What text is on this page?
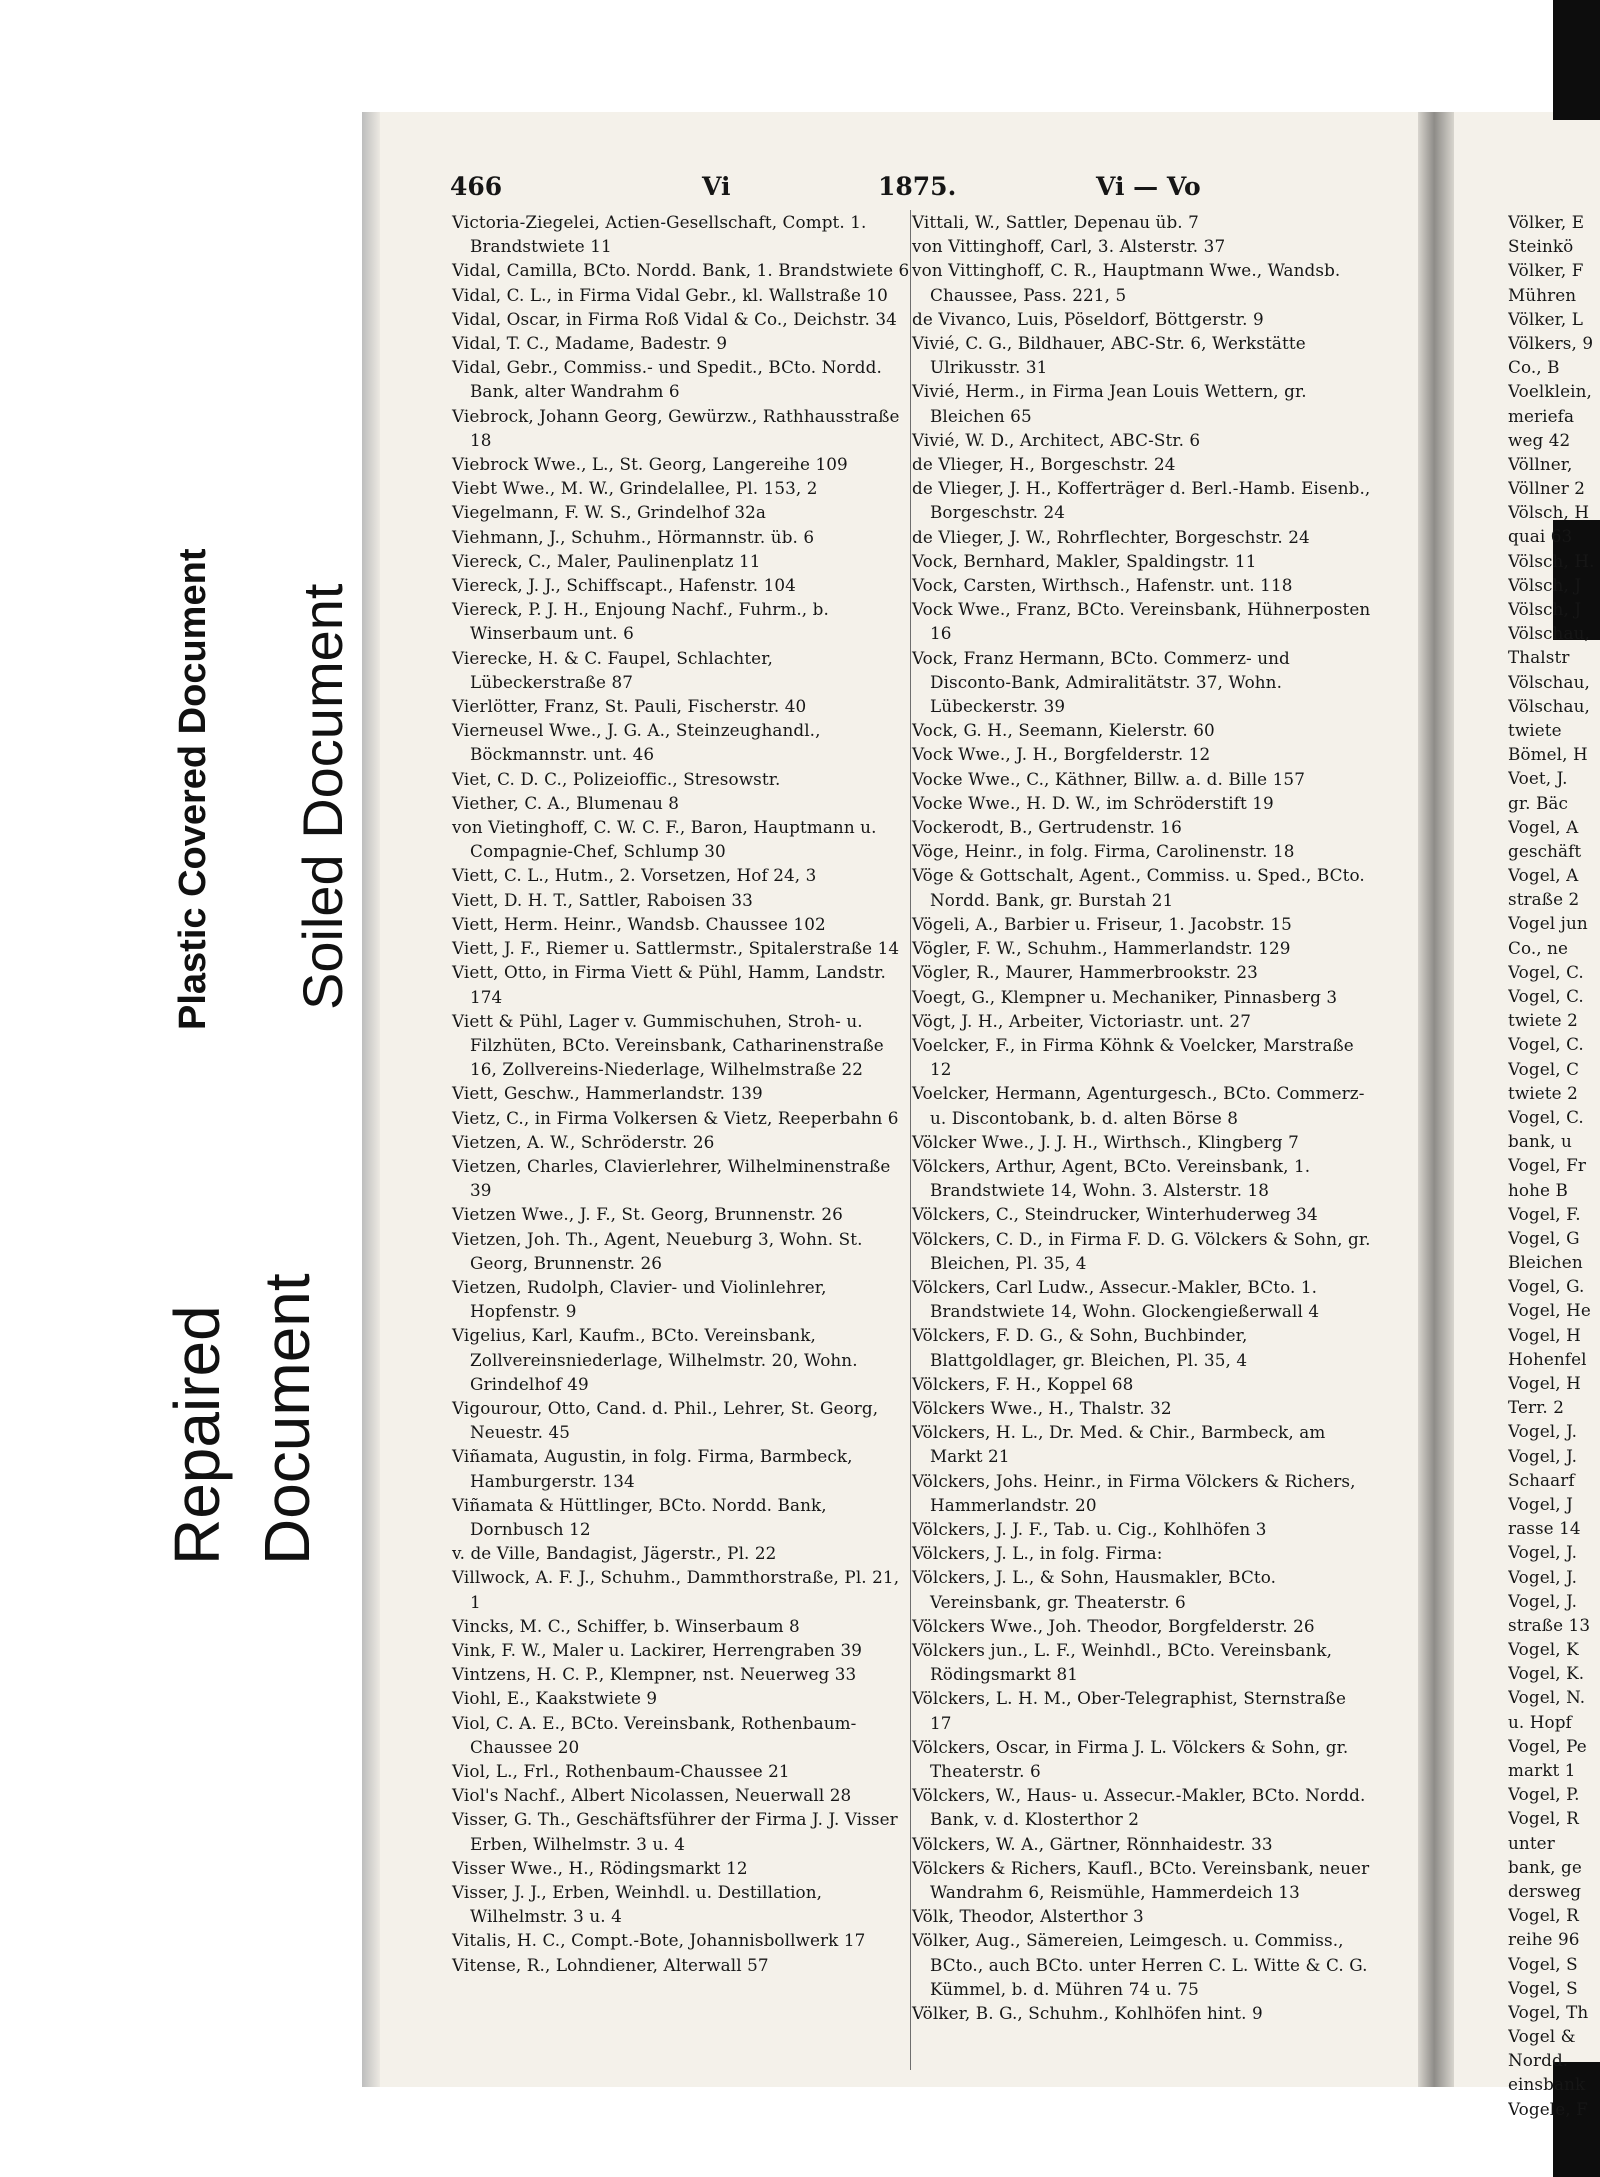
Plastic Covered Document Soiled Document
Repaired Document
466	Vi	1875.	Vi — Vo

Victoria-Ziegelei, Actien-Gesellschaft, Compt. 1. Brandstwiete 11

Vidal, Camilla, BCto. Nordd. Bank, 1. Brandstwiete 6

Vidal, C. L., in Firma Vidal Gebr., kl. Wallstraße 10

Vidal, Oscar, in Firma Roß Vidal & Co., Deichstr. 34

Vidal, T. C., Madame, Badestr. 9

Vidal, Gebr., Commiss.- und Spedit., BCto. Nordd. Bank, alter Wandrahm 6

Viebrock, Johann Georg, Gewürzw., Rathhausstraße 18

Viebrock Wwe., L., St. Georg, Langereihe 109

Viebt Wwe., M. W., Grindelallee, Pl. 153, 2

Viegelmann, F. W. S., Grindelhof 32a

Viehmann, J., Schuhm., Hörmannstr. üb. 6

Viereck, C., Maler, Paulinenplatz 11

Viereck, J. J., Schiffscapt., Hafenstr. 104

Viereck, P. J. H., Enjoung Nachf., Fuhrm., b. Winserbaum unt. 6

Vierecke, H. & C. Faupel, Schlachter, Lübeckerstraße 87

Vierlötter, Franz, St. Pauli, Fischerstr. 40

Vierneusel Wwe., J. G. A., Steinzeughandl., Böckmannstr. unt. 46

Viet, C. D. C., Polizeioffic., Stresowstr.

Viether, C. A., Blumenau 8

von Vietinghoff, C. W. C. F., Baron, Hauptmann u. Compagnie-Chef, Schlump 30

Viett, C. L., Hutm., 2. Vorsetzen, Hof 24, 3

Viett, D. H. T., Sattler, Raboisen 33

Viett, Herm. Heinr., Wandsb. Chaussee 102

Viett, J. F., Riemer u. Sattlermstr., Spitalerstraße 14

Viett, Otto, in Firma Viett & Pühl, Hamm, Landstr. 174

Viett & Pühl, Lager v. Gummischuhen, Stroh- u. Filzhüten, BCto. Vereinsbank, Catharinenstraße 16, Zollvereins-Niederlage, Wilhelmstraße 22

Viett, Geschw., Hammerlandstr. 139

Vietz, C., in Firma Volkersen & Vietz, Reeperbahn 6

Vietzen, A. W., Schröderstr. 26

Vietzen, Charles, Clavierlehrer, Wilhelminenstraße 39

Vietzen Wwe., J. F., St. Georg, Brunnenstr. 26

Vietzen, Joh. Th., Agent, Neueburg 3, Wohn. St. Georg, Brunnenstr. 26

Vietzen, Rudolph, Clavier- und Violinlehrer, Hopfenstr. 9

Vigelius, Karl, Kaufm., BCto. Vereinsbank, Zollvereinsniederlage, Wilhelmstr. 20, Wohn. Grindelhof 49

Vigourour, Otto, Cand. d. Phil., Lehrer, St. Georg, Neuestr. 45

Viñamata, Augustin, in folg. Firma, Barmbeck, Hamburgerstr. 134

Viñamata & Hüttlinger, BCto. Nordd. Bank, Dornbusch 12

v. de Ville, Bandagist, Jägerstr., Pl. 22

Villwock, A. F. J., Schuhm., Dammthorstraße, Pl. 21, 1

Vincks, M. C., Schiffer, b. Winserbaum 8

Vink, F. W., Maler u. Lackirer, Herrengraben 39

Vintzens, H. C. P., Klempner, nst. Neuerweg 33

Viohl, E., Kaakstwiete 9

Viol, C. A. E., BCto. Vereinsbank, Rothenbaum-Chaussee 20

Viol, L., Frl., Rothenbaum-Chaussee 21

Viol's Nachf., Albert Nicolassen, Neuerwall 28

Visser, G. Th., Geschäftsführer der Firma J. J. Visser Erben, Wilhelmstr. 3 u. 4

Visser Wwe., H., Rödingsmarkt 12

Visser, J. J., Erben, Weinhdl. u. Destillation, Wilhelmstr. 3 u. 4

Vitalis, H. C., Compt.-Bote, Johannisbollwerk 17

Vitense, R., Lohndiener, Alterwall 57

Vittali, W., Sattler, Depenau üb. 7

von Vittinghoff, Carl, 3. Alsterstr. 37

von Vittinghoff, C. R., Hauptmann Wwe., Wandsb. Chaussee, Pass. 221, 5

de Vivanco, Luis, Pöseldorf, Böttgerstr. 9

Vivié, C. G., Bildhauer, ABC-Str. 6, Werkstätte Ulrikusstr. 31

Vivié, Herm., in Firma Jean Louis Wettern, gr. Bleichen 65

Vivié, W. D., Architect, ABC-Str. 6

de Vlieger, H., Borgeschstr. 24

de Vlieger, J. H., Kofferträger d. Berl.-Hamb. Eisenb., Borgeschstr. 24

de Vlieger, J. W., Rohrflechter, Borgeschstr. 24

Vock, Bernhard, Makler, Spaldingstr. 11

Vock, Carsten, Wirthsch., Hafenstr. unt. 118

Vock Wwe., Franz, BCto. Vereinsbank, Hühnerposten 16

Vock, Franz Hermann, BCto. Commerz- und Disconto-Bank, Admiralitätstr. 37, Wohn. Lübeckerstr. 39

Vock, G. H., Seemann, Kielerstr. 60

Vock Wwe., J. H., Borgfelderstr. 12

Vocke Wwe., C., Käthner, Billw. a. d. Bille 157

Vocke Wwe., H. D. W., im Schröderstift 19

Vockerodt, B., Gertrudenstr. 16

Vöge, Heinr., in folg. Firma, Carolinenstr. 18

Vöge & Gottschalt, Agent., Commiss. u. Sped., BCto. Nordd. Bank, gr. Burstah 21

Vögeli, A., Barbier u. Friseur, 1. Jacobstr. 15

Vögler, F. W., Schuhm., Hammerlandstr. 129

Vögler, R., Maurer, Hammerbrookstr. 23

Voegt, G., Klempner u. Mechaniker, Pinnasberg 3

Vögt, J. H., Arbeiter, Victoriastr. unt. 27

Voelcker, F., in Firma Köhnk & Voelcker, Marstraße 12

Voelcker, Hermann, Agenturgesch., BCto. Commerz- u. Discontobank, b. d. alten Börse 8

Völcker Wwe., J. J. H., Wirthsch., Klingberg 7

Völckers, Arthur, Agent, BCto. Vereinsbank, 1. Brandstwiete 14, Wohn. 3. Alsterstr. 18

Völckers, C., Steindrucker, Winterhuderweg 34

Völckers, C. D., in Firma F. D. G. Völckers & Sohn, gr. Bleichen, Pl. 35, 4

Völckers, Carl Ludw., Assecur.-Makler, BCto. 1. Brandstwiete 14, Wohn. Glockengießerwall 4

Völckers, F. D. G., & Sohn, Buchbinder, Blattgoldlager, gr. Bleichen, Pl. 35, 4

Völckers, F. H., Koppel 68

Völckers Wwe., H., Thalstr. 32

Völckers, H. L., Dr. Med. & Chir., Barmbeck, am Markt 21

Völckers, Johs. Heinr., in Firma Völckers & Richers, Hammerlandstr. 20

Völckers, J. J. F., Tab. u. Cig., Kohlhöfen 3

Völckers, J. L., in folg. Firma:

Völckers, J. L., & Sohn, Hausmakler, BCto. Vereinsbank, gr. Theaterstr. 6

Völckers Wwe., Joh. Theodor, Borgfelderstr. 26

Völckers jun., L. F., Weinhdl., BCto. Vereinsbank, Rödingsmarkt 81

Völckers, L. H. M., Ober-Telegraphist, Sternstraße 17

Völckers, Oscar, in Firma J. L. Völckers & Sohn, gr. Theaterstr. 6

Völckers, W., Haus- u. Assecur.-Makler, BCto. Nordd. Bank, v. d. Klosterthor 2

Völckers, W. A., Gärtner, Rönnhaidestr. 33

Völckers & Richers, Kaufl., BCto. Vereinsbank, neuer Wandrahm 6, Reismühle, Hammerdeich 13

Völk, Theodor, Alsterthor 3

Völker, Aug., Sämereien, Leimgesch. u. Commiss., BCto., auch BCto. unter Herren C. L. Witte & C. G. Kümmel, b. d. Mühren 74 u. 75

Völker, B. G., Schuhm., Kohlhöfen hint. 9

Völker, E

Steinkö

Völker, F

Mühren

Völker, L

Völkers, 9

Co., B

Voelklein,

meriefa

weg 42

Völlner,

Völlner 2

Völsch, H

quai 63

Völsch, H.

Völsch, J

Völsch, J

Völschau,

Thalstr

Völschau,

Völschau,

twiete

Bömel, H

Voet, J.

gr. Bäc

Vogel, A

geschäft

Vogel, A

straße 2

Vogel jun

Co., ne

Vogel, C.

Vogel, C.

twiete 2

Vogel, C.

Vogel, C

twiete 2

Vogel, C.

bank, u

Vogel, Fr

hohe B

Vogel, F.

Vogel, G

Bleichen

Vogel, G.

Vogel, He

Vogel, H

Hohenfel

Vogel, H

Terr. 2

Vogel, J.

Vogel, J.

Schaarf

Vogel, J

rasse 14

Vogel, J.

Vogel, J.

Vogel, J.

straße 13

Vogel, K

Vogel, K.

Vogel, N.

u. Hopf

Vogel, Pe

markt 1

Vogel, P.

Vogel, R

unter

bank, ge

dersweg

Vogel, R

reihe 96

Vogel, S

Vogel, S

Vogel, Th

Vogel &

Nordd.

einsbank

Vogele, F
